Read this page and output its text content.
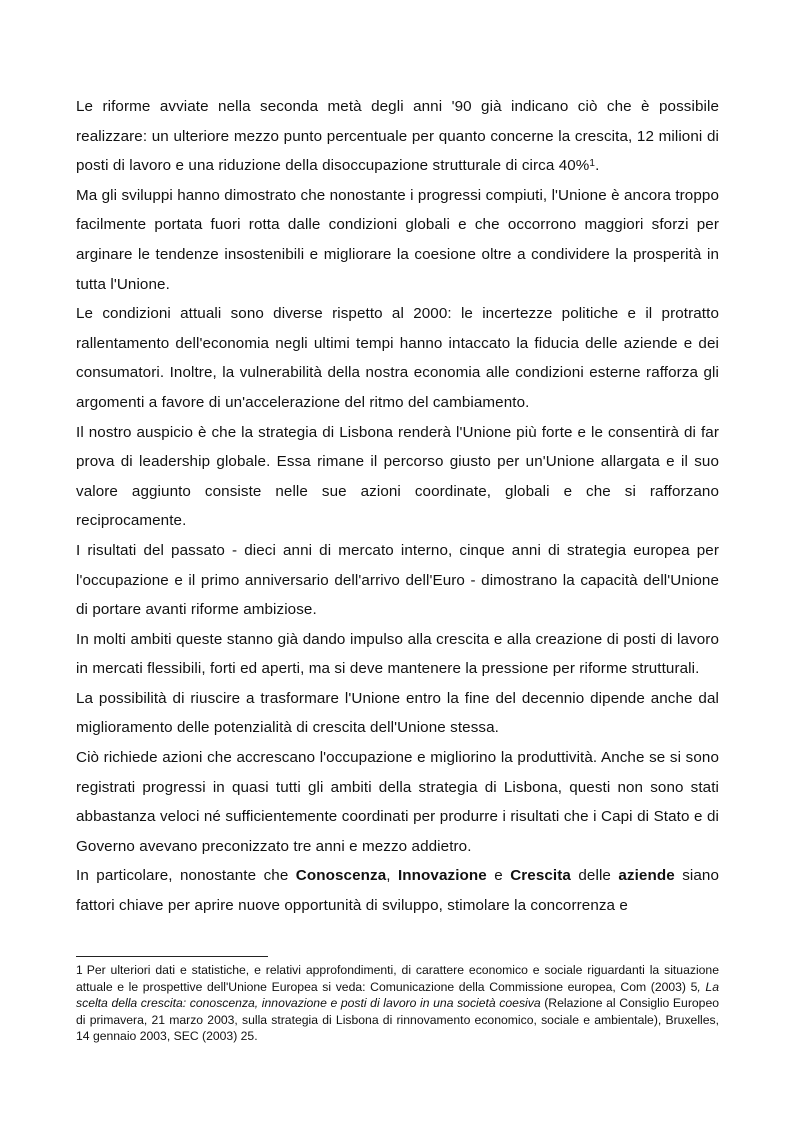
Le riforme avviate nella seconda metà degli anni '90 già indicano ciò che è possibile realizzare: un ulteriore mezzo punto percentuale per quanto concerne la crescita, 12 milioni di posti di lavoro e una riduzione della disoccupazione strutturale di circa 40%$^1$.

Ma gli sviluppi hanno dimostrato che nonostante i progressi compiuti, l'Unione è ancora troppo facilmente portata fuori rotta dalle condizioni globali e che occorrono maggiori sforzi per arginare le tendenze insostenibili e migliorare la coesione oltre a condividere la prosperità in tutta l'Unione.

Le condizioni attuali sono diverse rispetto al 2000: le incertezze politiche e il protratto rallentamento dell'economia negli ultimi tempi hanno intaccato la fiducia delle aziende e dei consumatori. Inoltre, la vulnerabilità della nostra economia alle condizioni esterne rafforza gli argomenti a favore di un'accelerazione del ritmo del cambiamento.

Il nostro auspicio è che la strategia di Lisbona renderà l'Unione più forte e le consentirà di far prova di leadership globale. Essa rimane il percorso giusto per un'Unione allargata e il suo valore aggiunto consiste nelle sue azioni coordinate, globali e che si rafforzano reciprocamente.

I risultati del passato - dieci anni di mercato interno, cinque anni di strategia europea per l'occupazione e il primo anniversario dell'arrivo dell'Euro - dimostrano la capacità dell'Unione di portare avanti riforme ambiziose.

In molti ambiti queste stanno già dando impulso alla crescita e alla creazione di posti di lavoro in mercati flessibili, forti ed aperti, ma si deve mantenere la pressione per riforme strutturali.

La possibilità di riuscire a trasformare l'Unione entro la fine del decennio dipende anche dal miglioramento delle potenzialità di crescita dell'Unione stessa.

Ciò richiede azioni che accrescano l'occupazione e migliorino la produttività. Anche se si sono registrati progressi in quasi tutti gli ambiti della strategia di Lisbona, questi non sono stati abbastanza veloci né sufficientemente coordinati per produrre i risultati che i Capi di Stato e di Governo avevano preconizzato tre anni e mezzo addietro.

In particolare, nonostante che Conoscenza, Innovazione e Crescita delle aziende siano fattori chiave per aprire nuove opportunità di sviluppo, stimolare la concorrenza e

1 Per ulteriori dati e statistiche, e relativi approfondimenti, di carattere economico e sociale riguardanti la situazione attuale e le prospettive dell'Unione Europea si veda: Comunicazione della Commissione europea, Com (2003) 5, La scelta della crescita: conoscenza, innovazione e posti di lavoro in una società coesiva (Relazione al Consiglio Europeo di primavera, 21 marzo 2003, sulla strategia di Lisbona di rinnovamento economico, sociale e ambientale), Bruxelles, 14 gennaio 2003, SEC (2003) 25.
